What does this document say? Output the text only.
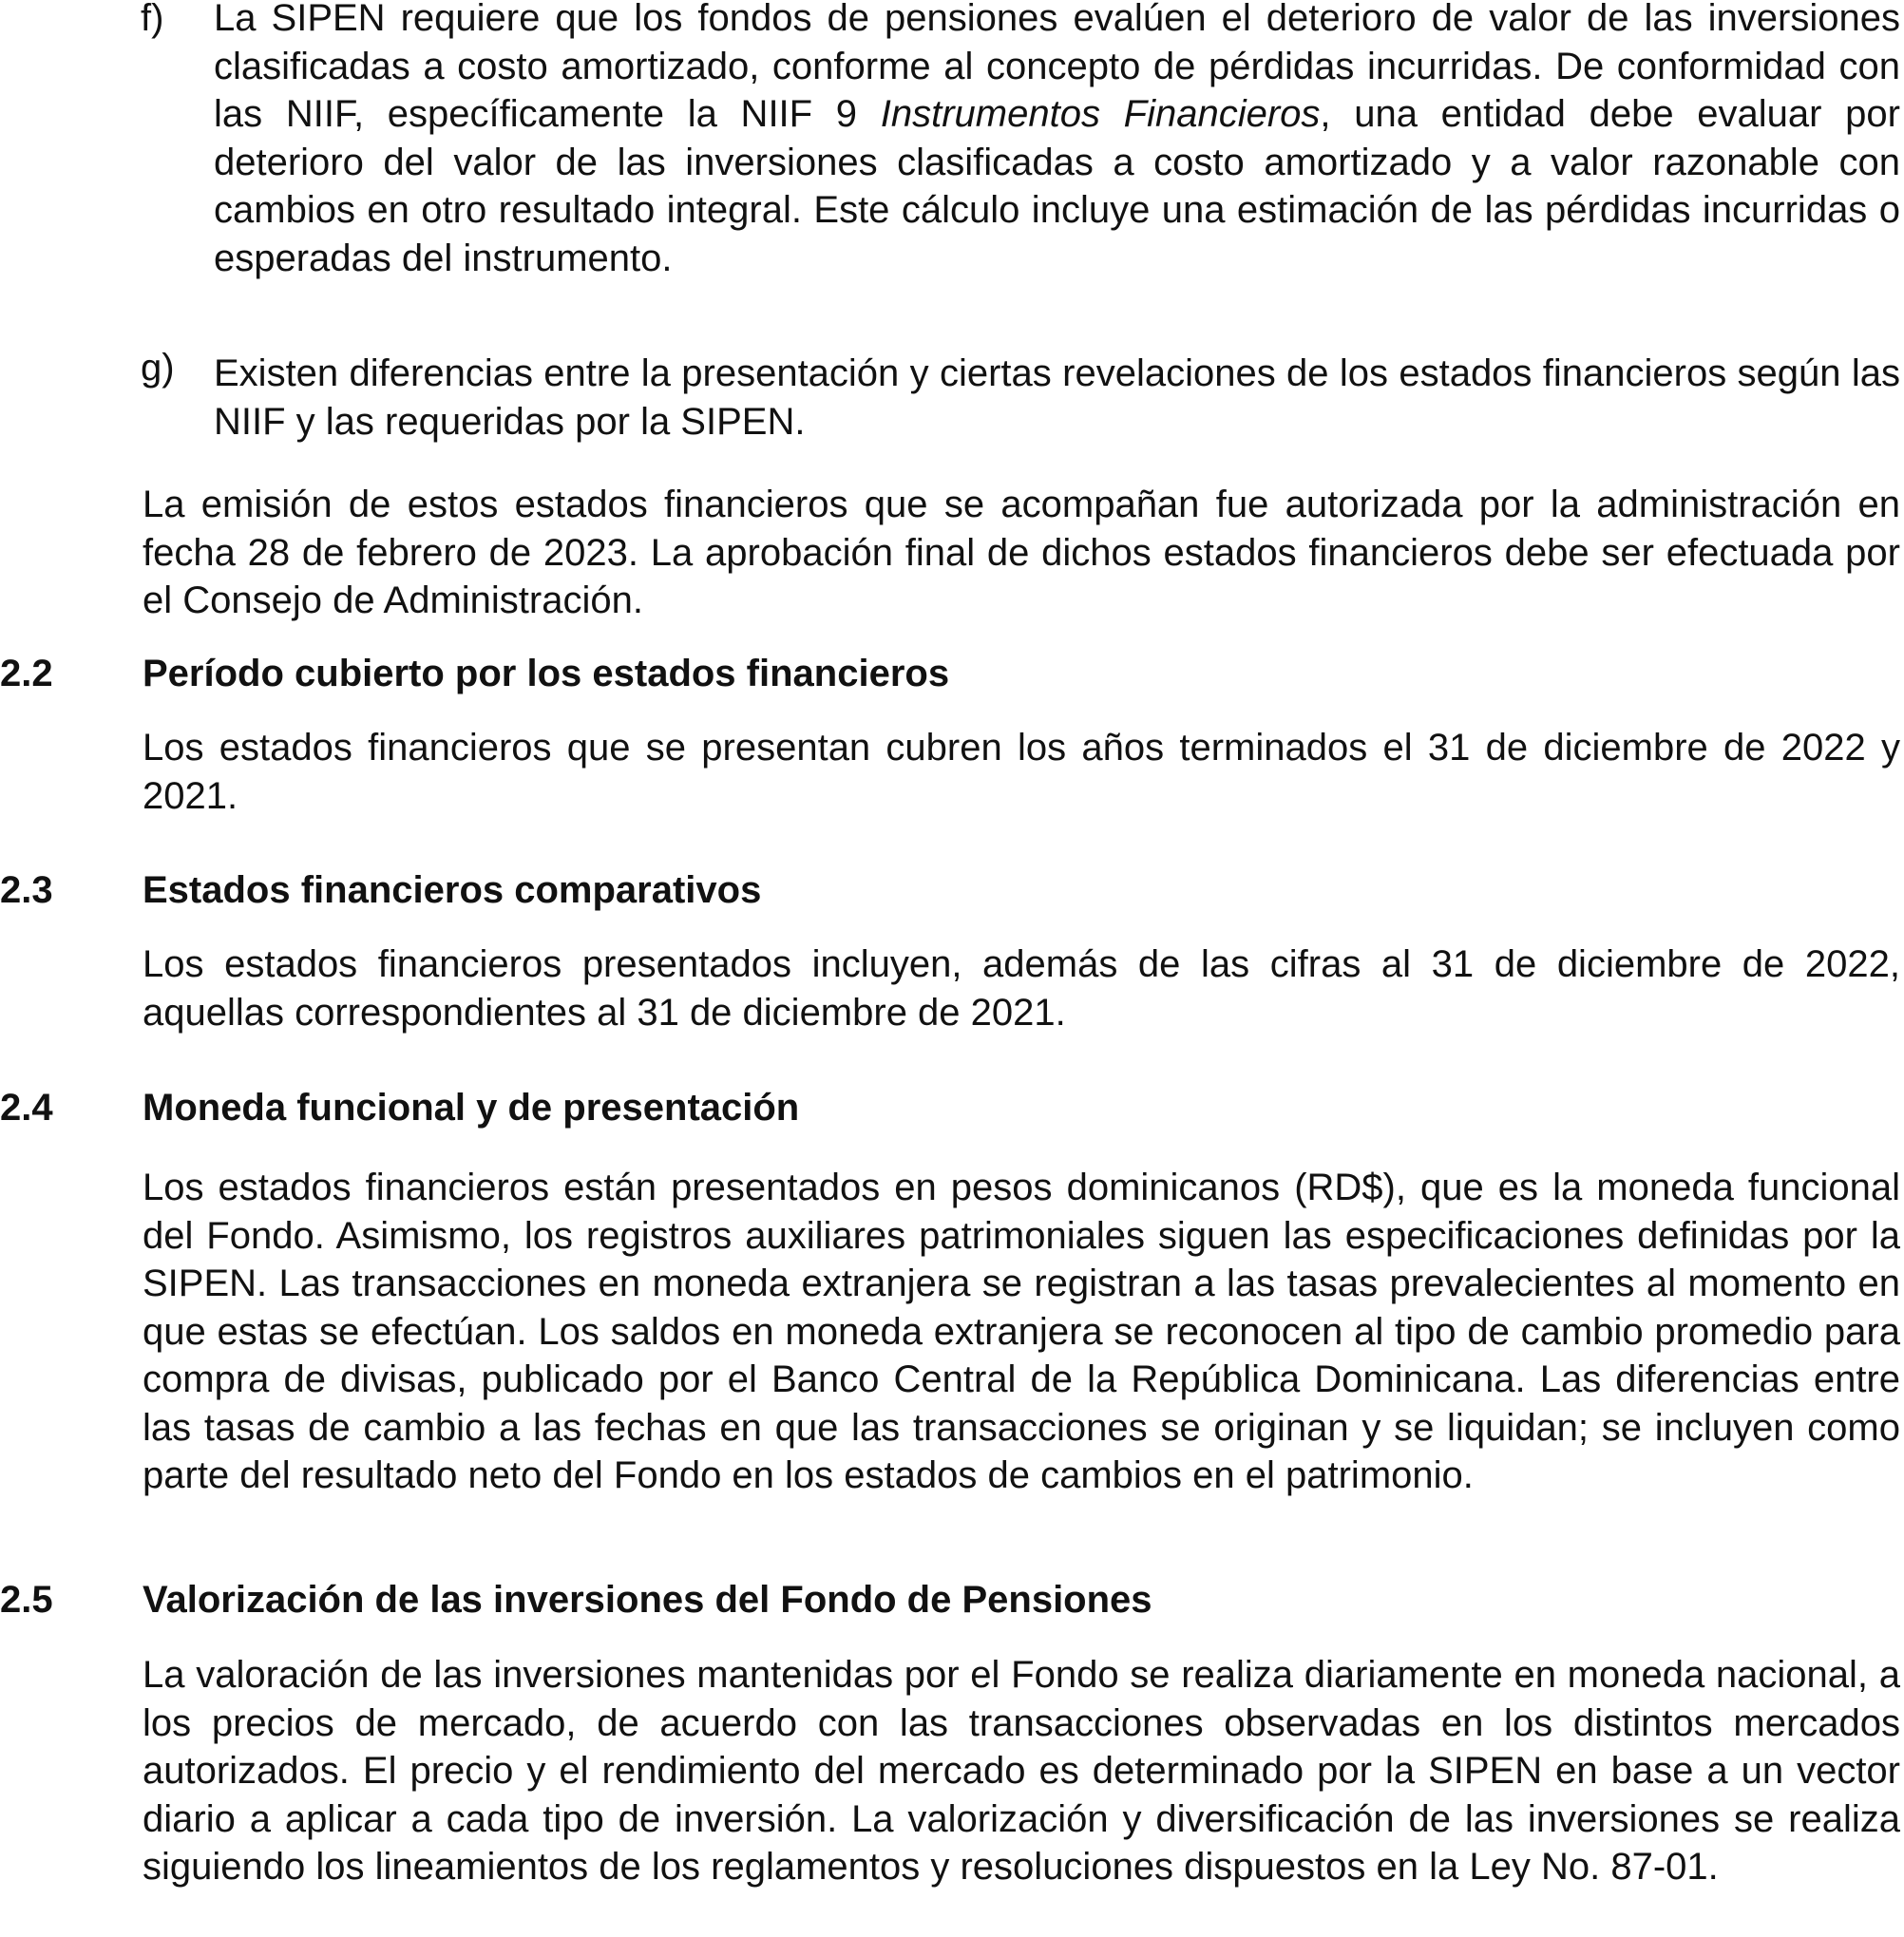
f) La SIPEN requiere que los fondos de pensiones evalúen el deterioro de valor de las inversiones clasificadas a costo amortizado, conforme al concepto de pérdidas incurridas. De conformidad con las NIIF, específicamente la NIIF 9 Instrumentos Financieros, una entidad debe evaluar por deterioro del valor de las inversiones clasificadas a costo amortizado y a valor razonable con cambios en otro resultado integral. Este cálculo incluye una estimación de las pérdidas incurridas o esperadas del instrumento.
g) Existen diferencias entre la presentación y ciertas revelaciones de los estados financieros según las NIIF y las requeridas por la SIPEN.
La emisión de estos estados financieros que se acompañan fue autorizada por la administración en fecha 28 de febrero de 2023. La aprobación final de dichos estados financieros debe ser efectuada por el Consejo de Administración.
2.2 Período cubierto por los estados financieros
Los estados financieros que se presentan cubren los años terminados el 31 de diciembre de 2022 y 2021.
2.3 Estados financieros comparativos
Los estados financieros presentados incluyen, además de las cifras al 31 de diciembre de 2022, aquellas correspondientes al 31 de diciembre de 2021.
2.4 Moneda funcional y de presentación
Los estados financieros están presentados en pesos dominicanos (RD$), que es la moneda funcional del Fondo. Asimismo, los registros auxiliares patrimoniales siguen las especificaciones definidas por la SIPEN. Las transacciones en moneda extranjera se registran a las tasas prevalecientes al momento en que estas se efectúan. Los saldos en moneda extranjera se reconocen al tipo de cambio promedio para compra de divisas, publicado por el Banco Central de la República Dominicana. Las diferencias entre las tasas de cambio a las fechas en que las transacciones se originan y se liquidan; se incluyen como parte del resultado neto del Fondo en los estados de cambios en el patrimonio.
2.5 Valorización de las inversiones del Fondo de Pensiones
La valoración de las inversiones mantenidas por el Fondo se realiza diariamente en moneda nacional, a los precios de mercado, de acuerdo con las transacciones observadas en los distintos mercados autorizados. El precio y el rendimiento del mercado es determinado por la SIPEN en base a un vector diario a aplicar a cada tipo de inversión. La valorización y diversificación de las inversiones se realiza siguiendo los lineamientos de los reglamentos y resoluciones dispuestos en la Ley No. 87-01.
